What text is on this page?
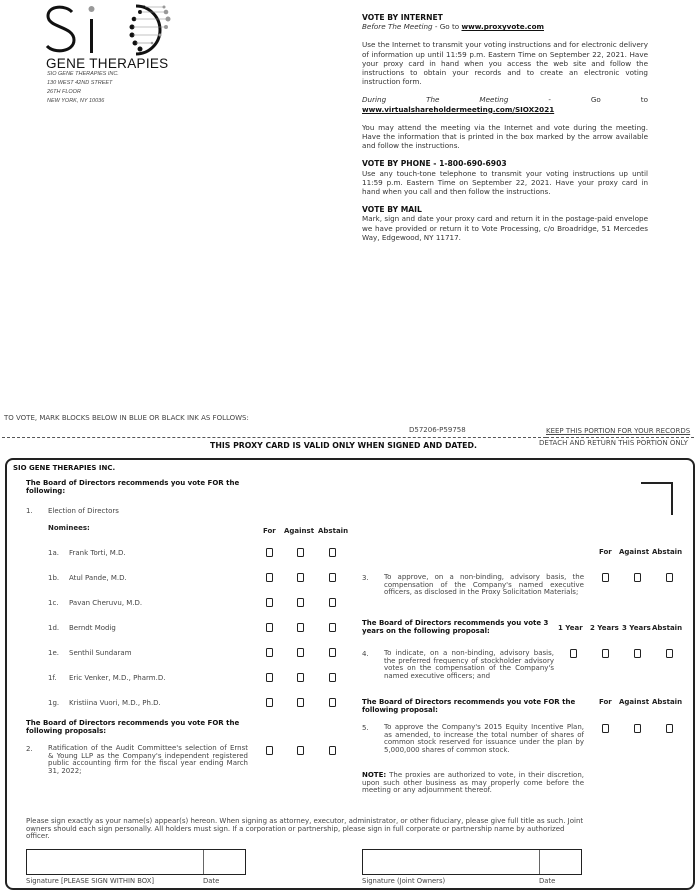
GENE THERAPIES
SIO GENE THERAPIES INC.
130 WEST 42ND STREET
26TH FLOOR
NEW YORK, NY 10036
VOTE BY INTERNET
Before The Meeting - Go to www.proxyvote.com

Use the Internet to transmit your voting instructions and for electronic delivery of information up until 11:59 p.m. Eastern Time on September 22, 2021. Have your proxy card in hand when you access the web site and follow the instructions to obtain your records and to create an electronic voting instruction form.

During The Meeting - Go to www.virtualshareholdermeeting.com/SIOX2021

You may attend the meeting via the Internet and vote during the meeting. Have the information that is printed in the box marked by the arrow available and follow the instructions.

VOTE BY PHONE - 1-800-690-6903

Use any touch-tone telephone to transmit your voting instructions up until 11:59 p.m. Eastern Time on September 22, 2021. Have your proxy card in hand when you call and then follow the instructions.

VOTE BY MAIL

Mark, sign and date your proxy card and return it in the postage-paid envelope we have provided or return it to Vote Processing, c/o Broadridge, 51 Mercedes Way, Edgewood, NY 11717.

TO VOTE, MARK BLOCKS BELOW IN BLUE OR BLACK INK AS FOLLOWS:
D57206-P59758	KEEP THIS PORTION FOR YOUR RECORDS
THIS PROXY CARD IS VALID ONLY WHEN SIGNED AND DATED.	DETACH AND RETURN THIS PORTION ONLY
SIO GENE THERAPIES INC.
The Board of Directors recommends you vote FOR the following:
1. Election of Directors
Nominees:	For Against Abstain
1a. Frank Torti, M.D.
1b. Atul Pande, M.D.
1c. Pavan Cheruvu, M.D.
1d. Berndt Modig
1e. Senthil Sundaram
1f. Eric Venker, M.D., Pharm.D.
1g. Kristiina Vuori, M.D., Ph.D.
The Board of Directors recommends you vote FOR the following proposals:
2. Ratification of the Audit Committee's selection of Ernst & Young LLP as the Company's independent registered public accounting firm for the fiscal year ending March 31, 2022;
For Against Abstain
3. To approve, on a non-binding, advisory basis, the compensation of the Company's named executive officers, as disclosed in the Proxy Solicitation Materials;
The Board of Directors recommends you vote 3 years on the following proposal:	1 Year 2 Years 3 Years Abstain
4. To indicate, on a non-binding, advisory basis, the preferred frequency of stockholder advisory votes on the compensation of the Company's named executive officers; and
The Board of Directors recommends you vote FOR the following proposal:
For Against Abstain
5. To approve the Company's 2015 Equity Incentive Plan, as amended, to increase the total number of shares of common stock reserved for issuance under the plan by 5,000,000 shares of common stock.
NOTE: The proxies are authorized to vote, in their discretion, upon such other business as may properly come before the meeting or any adjournment thereof.
Please sign exactly as your name(s) appear(s) hereon. When signing as attorney, executor, administrator, or other fiduciary, please give full title as such. Joint owners should each sign personally. All holders must sign. If a corporation or partnership, please sign in full corporate or partnership name by authorized officer.
Signature [PLEASE SIGN WITHIN BOX]	Date	Signature (Joint Owners)	Date
